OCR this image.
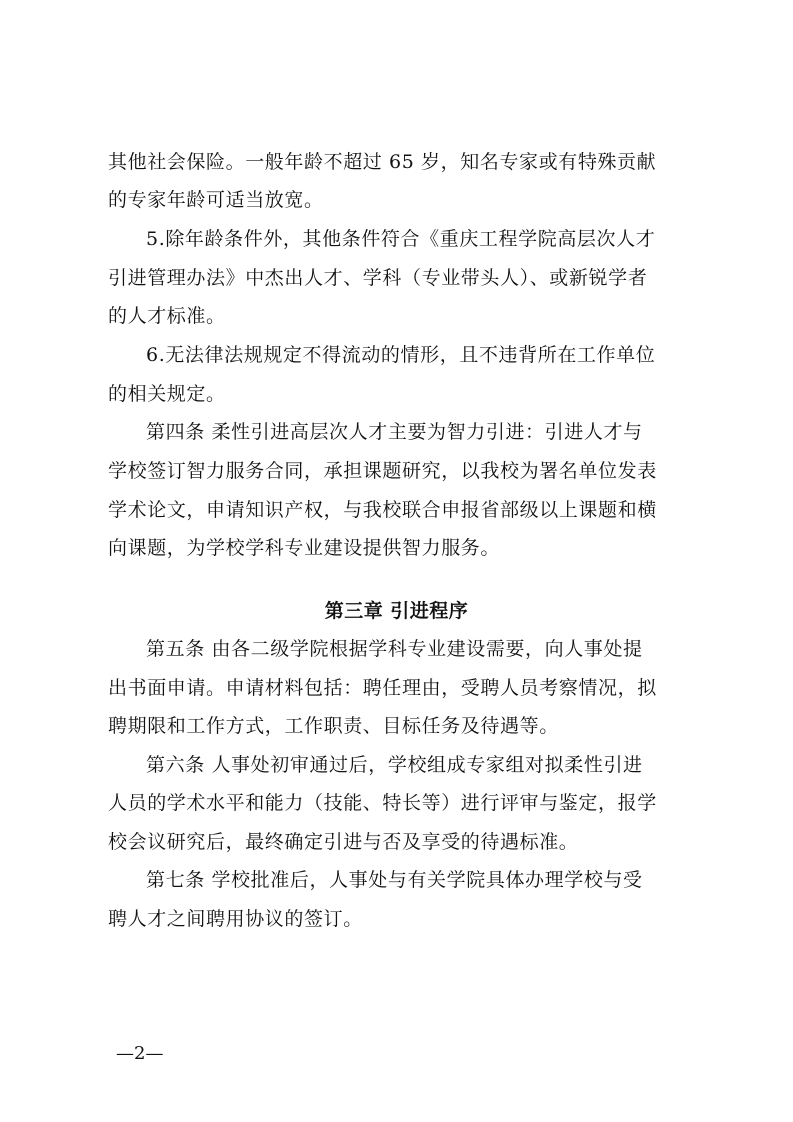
其他社会保险。一般年龄不超过 65 岁，知名专家或有特殊贡献
的专家年龄可适当放宽。
5.除年龄条件外，其他条件符合《重庆工程学院高层次人才
引进管理办法》中杰出人才、学科（专业带头人）、或新锐学者
的人才标准。
6.无法律法规规定不得流动的情形，且不违背所在工作单位
的相关规定。
第四条 柔性引进高层次人才主要为智力引进：引进人才与
学校签订智力服务合同，承担课题研究，以我校为署名单位发表
学术论文，申请知识产权，与我校联合申报省部级以上课题和横
向课题，为学校学科专业建设提供智力服务。
第三章 引进程序
第五条 由各二级学院根据学科专业建设需要，向人事处提
出书面申请。申请材料包括：聘任理由，受聘人员考察情况，拟
聘期限和工作方式，工作职责、目标任务及待遇等。
第六条 人事处初审通过后，学校组成专家组对拟柔性引进
人员的学术水平和能力（技能、特长等）进行评审与鉴定，报学
校会议研究后，最终确定引进与否及享受的待遇标准。
第七条 学校批准后，人事处与有关学院具体办理学校与受
聘人才之间聘用协议的签订。
—2—
